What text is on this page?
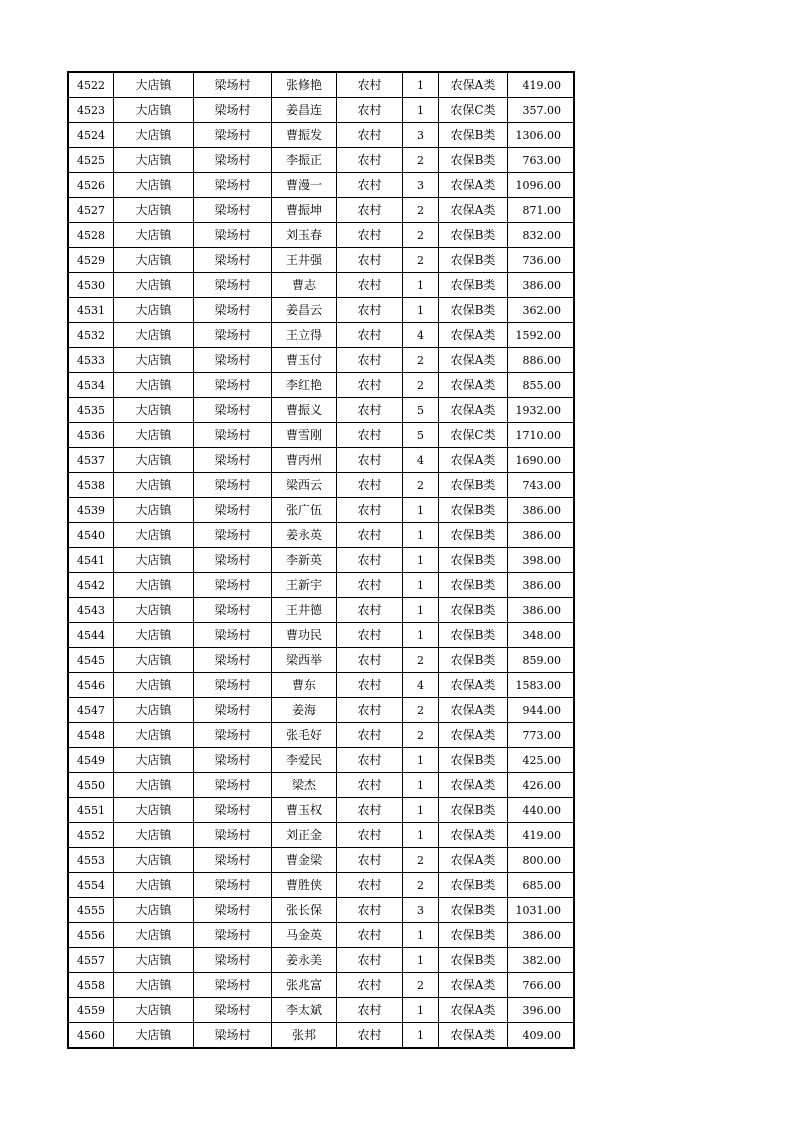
4522	大店镇	梁场村	张修艳	农村	1	农保A类	419.00
4523	大店镇	梁场村	姜昌连	农村	1	农保C类	357.00
4524	大店镇	梁场村	曹振发	农村	3	农保B类	1306.00
4525	大店镇	梁场村	李振正	农村	2	农保B类	763.00
4526	大店镇	梁场村	曹漫一	农村	3	农保A类	1096.00
4527	大店镇	梁场村	曹振坤	农村	2	农保A类	871.00
4528	大店镇	梁场村	刘玉春	农村	2	农保B类	832.00
4529	大店镇	梁场村	王井强	农村	2	农保B类	736.00
4530	大店镇	梁场村	曹志	农村	1	农保B类	386.00
4531	大店镇	梁场村	姜昌云	农村	1	农保B类	362.00
4532	大店镇	梁场村	王立得	农村	4	农保A类	1592.00
4533	大店镇	梁场村	曹玉付	农村	2	农保A类	886.00
4534	大店镇	梁场村	李红艳	农村	2	农保A类	855.00
4535	大店镇	梁场村	曹振义	农村	5	农保A类	1932.00
4536	大店镇	梁场村	曹雪刚	农村	5	农保C类	1710.00
4537	大店镇	梁场村	曹丙州	农村	4	农保A类	1690.00
4538	大店镇	梁场村	梁西云	农村	2	农保B类	743.00
4539	大店镇	梁场村	张广伍	农村	1	农保B类	386.00
4540	大店镇	梁场村	姜永英	农村	1	农保B类	386.00
4541	大店镇	梁场村	李新英	农村	1	农保B类	398.00
4542	大店镇	梁场村	王新宇	农村	1	农保B类	386.00
4543	大店镇	梁场村	王井德	农村	1	农保B类	386.00
4544	大店镇	梁场村	曹功民	农村	1	农保B类	348.00
4545	大店镇	梁场村	梁西举	农村	2	农保B类	859.00
4546	大店镇	梁场村	曹东	农村	4	农保A类	1583.00
4547	大店镇	梁场村	姜海	农村	2	农保A类	944.00
4548	大店镇	梁场村	张毛好	农村	2	农保A类	773.00
4549	大店镇	梁场村	李爱民	农村	1	农保B类	425.00
4550	大店镇	梁场村	梁杰	农村	1	农保A类	426.00
4551	大店镇	梁场村	曹玉权	农村	1	农保B类	440.00
4552	大店镇	梁场村	刘正金	农村	1	农保A类	419.00
4553	大店镇	梁场村	曹金梁	农村	2	农保A类	800.00
4554	大店镇	梁场村	曹胜侠	农村	2	农保B类	685.00
4555	大店镇	梁场村	张长保	农村	3	农保B类	1031.00
4556	大店镇	梁场村	马金英	农村	1	农保B类	386.00
4557	大店镇	梁场村	姜永美	农村	1	农保B类	382.00
4558	大店镇	梁场村	张兆富	农村	2	农保A类	766.00
4559	大店镇	梁场村	李太斌	农村	1	农保A类	396.00
4560	大店镇	梁场村	张邦	农村	1	农保A类	409.00
